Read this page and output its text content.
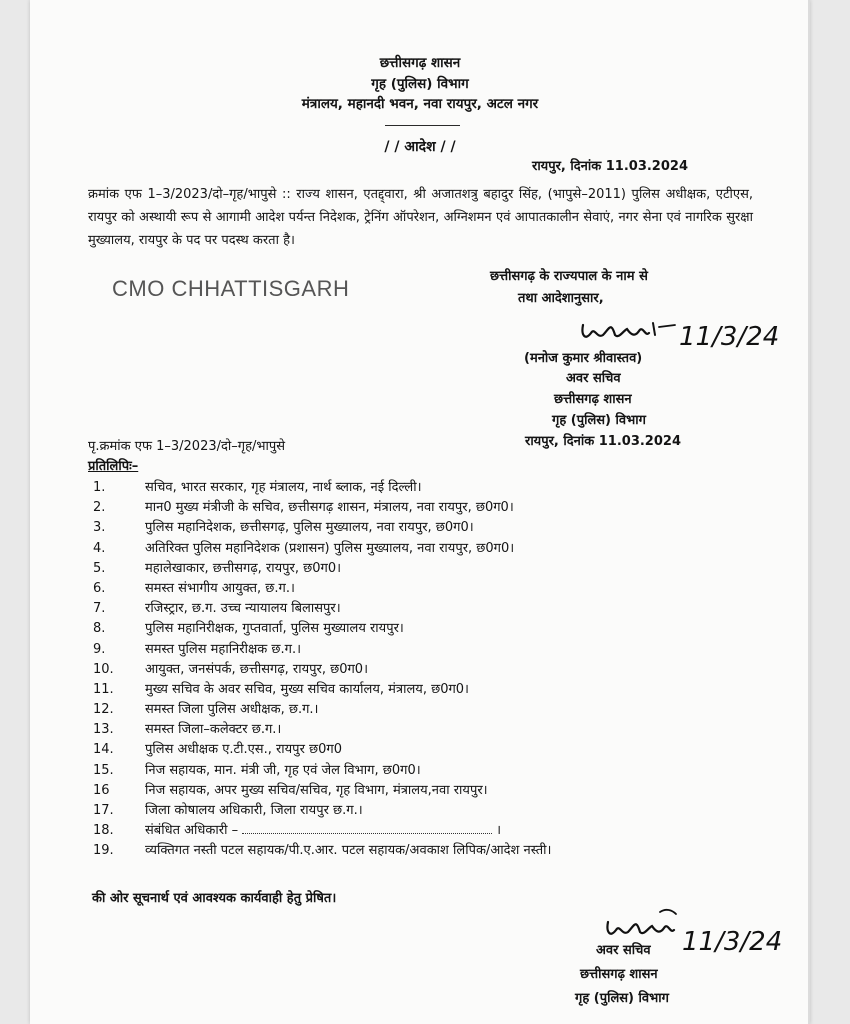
छत्तीसगढ़ शासन
गृह (पुलिस) विभाग
मंत्रालय, महानदी भवन, नवा रायपुर, अटल नगर
/ / आदेश / /
रायपुर, दिनांक 11.03.2024
क्रमांक एफ 1–3/2023/दो–गृह/भापुसे :: राज्य शासन, एतद्द्वारा, श्री अजातशत्रु बहादुर सिंह, (भापुसे–2011) पुलिस अधीक्षक, एटीएस, रायपुर को अस्थायी रूप से आगामी आदेश पर्यन्त निदेशक, ट्रेनिंग ऑपरेशन, अग्निशमन एवं आपातकालीन सेवाएं, नगर सेना एवं नागरिक सुरक्षा मुख्यालय, रायपुर के पद पर पदस्थ करता है।
CMO CHHATTISGARH	छत्तीसगढ़ के राज्यपाल के नाम से
तथा आदेशानुसार,
11/3/24
(मनोज कुमार श्रीवास्तव)
अवर सचिव
छत्तीसगढ़ शासन
गृह (पुलिस) विभाग
रायपुर, दिनांक 11.03.2024
पृ.क्रमांक एफ 1–3/2023/दो–गृह/भापुसे
प्रतिलिपिः–
1.	सचिव, भारत सरकार, गृह मंत्रालय, नार्थ ब्लाक, नई दिल्ली।
2.	मान0 मुख्य मंत्रीजी के सचिव, छत्तीसगढ़ शासन, मंत्रालय, नवा रायपुर, छ0ग0।
3.	पुलिस महानिदेशक, छत्तीसगढ़, पुलिस मुख्यालय, नवा रायपुर, छ0ग0।
4.	अतिरिक्त पुलिस महानिदेशक (प्रशासन) पुलिस मुख्यालय, नवा रायपुर, छ0ग0।
5.	महालेखाकार, छत्तीसगढ़, रायपुर, छ0ग0।
6.	समस्त संभागीय आयुक्त, छ.ग.।
7.	रजिस्ट्रार, छ.ग. उच्च न्यायालय बिलासपुर।
8.	पुलिस महानिरीक्षक, गुप्तवार्ता, पुलिस मुख्यालय रायपुर।
9.	समस्त पुलिस महानिरीक्षक छ.ग.।
10.	आयुक्त, जनसंपर्क, छत्तीसगढ़, रायपुर, छ0ग0।
11.	मुख्य सचिव के अवर सचिव, मुख्य सचिव कार्यालय, मंत्रालय, छ0ग0।
12.	समस्त जिला पुलिस अधीक्षक, छ.ग.।
13.	समस्त जिला–कलेक्टर छ.ग.।
14.	पुलिस अधीक्षक ए.टी.एस., रायपुर छ0ग0
15.	निज सहायक, मान. मंत्री जी, गृह एवं जेल विभाग, छ0ग0।
16	निज सहायक, अपर मुख्य सचिव/सचिव, गृह विभाग, मंत्रालय,नवा रायपुर।
17.	जिला कोषालय अधिकारी, जिला रायपुर छ.ग.।
18.	संबंधित अधिकारी –	।
19.	व्यक्तिगत नस्ती पटल सहायक/पी.ए.आर. पटल सहायक/अवकाश लिपिक/आदेश नस्ती।
की ओर सूचनार्थ एवं आवश्यक कार्यवाही हेतु प्रेषित।
11/3/24
अवर सचिव
छत्तीसगढ़ शासन
गृह (पुलिस) विभाग
